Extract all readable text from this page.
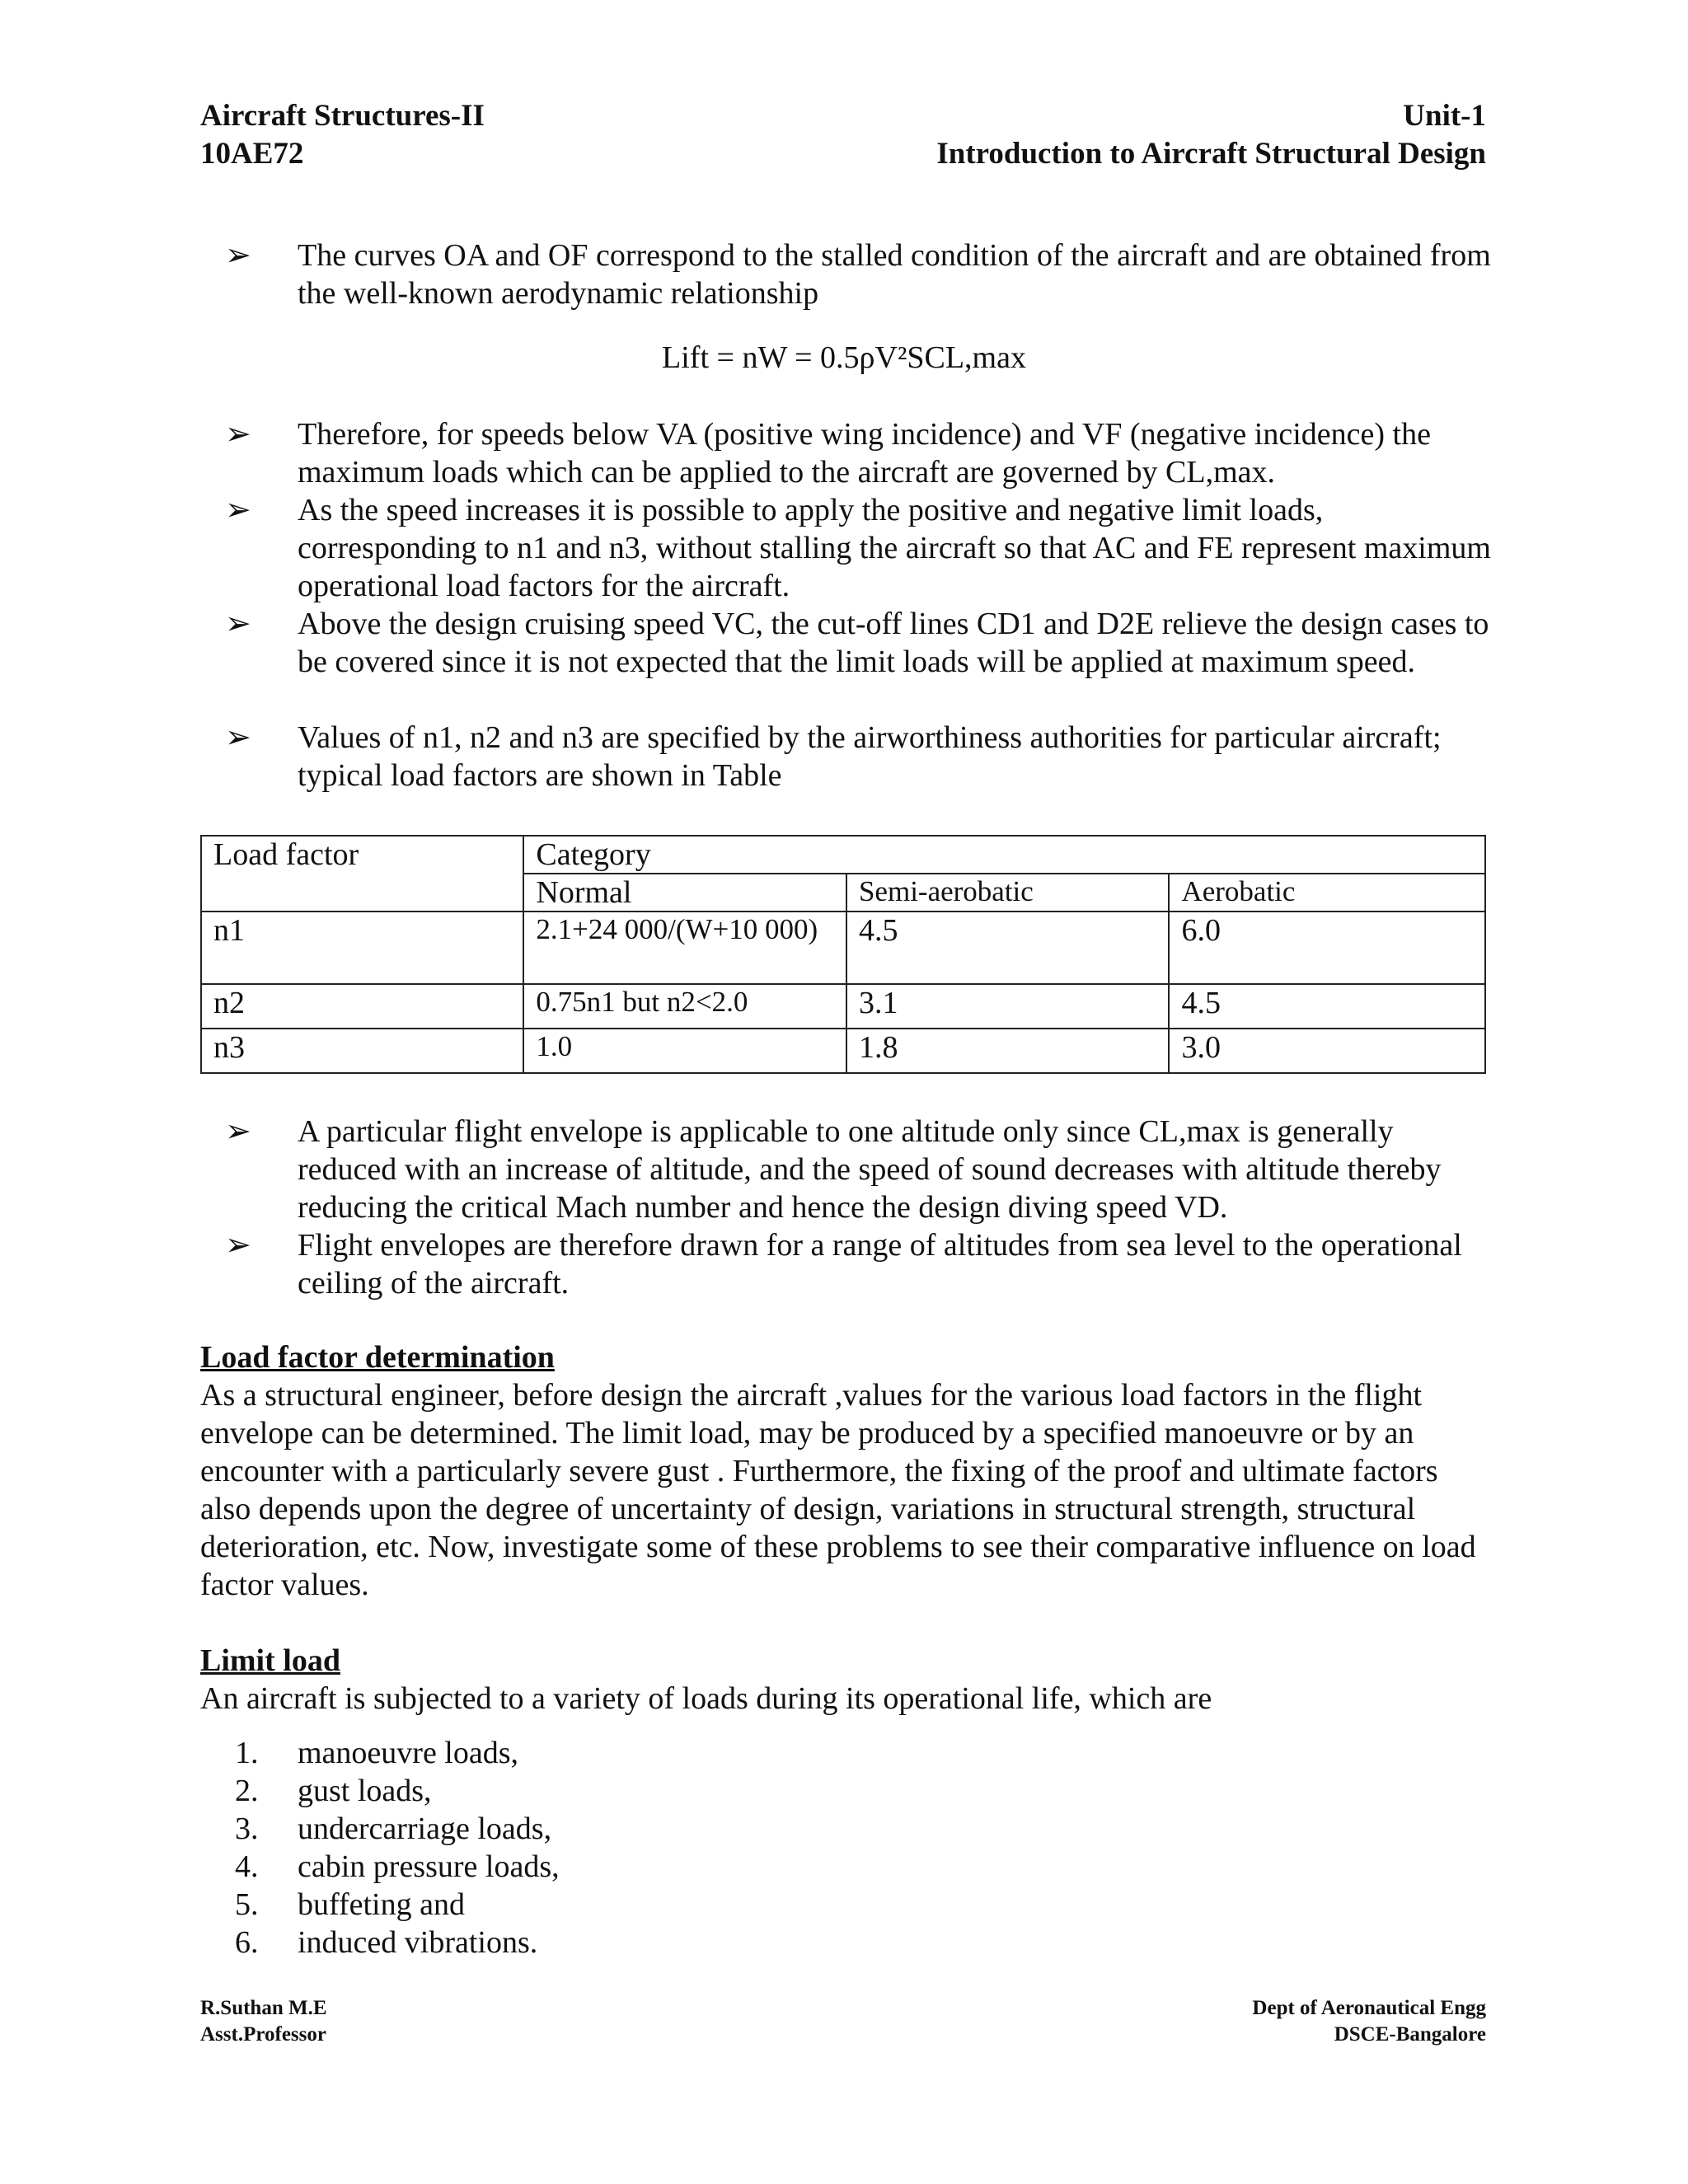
Aircraft Structures-II
10AE72
Unit-1
Introduction to Aircraft Structural Design
➢	The curves OA and OF correspond to the stalled condition of the aircraft and are obtained from the well-known aerodynamic relationship
Lift = nW = 0.5ρV²SCL,max
➢	Therefore, for speeds below VA (positive wing incidence) and VF (negative incidence) the maximum loads which can be applied to the aircraft are governed by CL,max.
➢	As the speed increases it is possible to apply the positive and negative limit loads, corresponding to n1 and n3, without stalling the aircraft so that AC and FE represent maximum operational load factors for the aircraft.
➢	Above the design cruising speed VC, the cut-off lines CD1 and D2E relieve the design cases to be covered since it is not expected that the limit loads will be applied at maximum speed.
➢	Values of n1, n2 and n3 are specified by the airworthiness authorities for particular aircraft; typical load factors are shown in Table
Load factor	Category		
	Normal	Semi-aerobatic	Aerobatic
n1	2.1+24 000/(W+10 000)	4.5	6.0
n2	0.75n1 but n2<2.0	3.1	4.5
n3	1.0	1.8	3.0
➢	A particular flight envelope is applicable to one altitude only since CL,max is generally reduced with an increase of altitude, and the speed of sound decreases with altitude thereby reducing the critical Mach number and hence the design diving speed VD.
➢	Flight envelopes are therefore drawn for a range of altitudes from sea level to the operational ceiling of the aircraft.
Load factor determination
As a structural engineer, before design the aircraft ,values for the various load factors in the flight envelope can be determined. The limit load, may be produced by a specified manoeuvre or by an encounter with a particularly severe gust . Furthermore, the fixing of the proof and ultimate factors also depends upon the degree of uncertainty of design, variations in structural strength, structural deterioration, etc. Now, investigate some of these problems to see their comparative influence on load factor values.
Limit load
An aircraft is subjected to a variety of loads during its operational life, which are
1. manoeuvre loads,
2. gust loads,
3. undercarriage loads,
4. cabin pressure loads,
5. buffeting and
6. induced vibrations.
R.Suthan M.E
Asst.Professor
Dept of Aeronautical Engg
DSCE-Bangalore
